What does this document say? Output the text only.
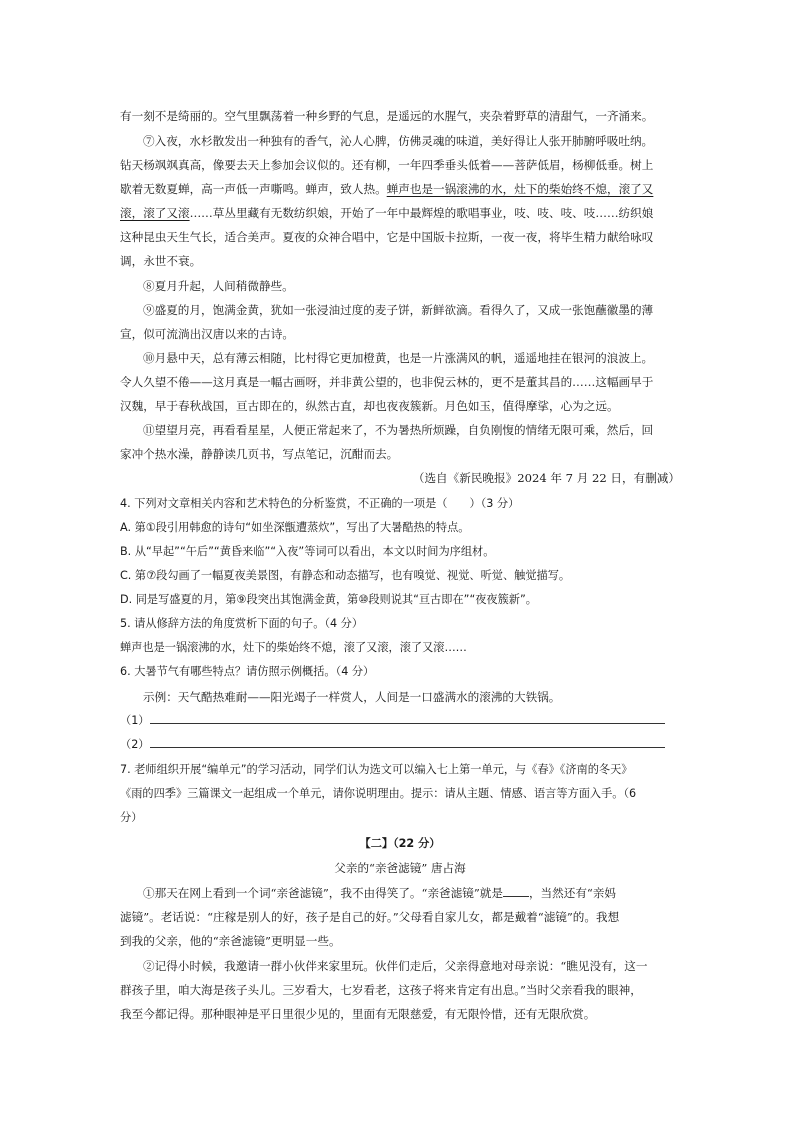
有一刻不是绮丽的。空气里飘荡着一种乡野的气息，是遥远的水腥气，夹杂着野草的清甜气，一齐涌来。
⑦入夜，水杉散发出一种独有的香气，沁人心脾，仿佛灵魂的味道，美好得让人张开肺腑呼吸吐纳。
钻天杨飒飒真高，像要去天上参加会议似的。还有柳，一年四季垂头低着——菩萨低眉，杨柳低垂。树上
歇着无数夏蝉，高一声低一声嘶鸣。蝉声，致人热。蝉声也是一锅滚沸的水，灶下的柴始终不熄，滚了又
滚，滚了又滚……草丛里藏有无数纺织娘，开始了一年中最辉煌的歌唱事业，吱、吱、吱、吱……纺织娘
这种昆虫天生气长，适合美声。夏夜的众神合唱中，它是中国版卡拉斯，一夜一夜，将毕生精力献给咏叹
调，永世不衰。
⑧夏月升起，人间稍微静些。
⑨盛夏的月，饱满金黄，犹如一张浸油过度的麦子饼，新鲜欲滴。看得久了，又成一张饱蘸徽墨的薄
宣，似可流淌出汉唐以来的古诗。
⑩月悬中天，总有薄云相随，比村得它更加橙黄，也是一片涨满风的帆，遥遥地挂在银河的浪波上。
令人久望不倦——这月真是一幅古画呀，并非黄公望的，也非倪云林的，更不是董其昌的……这幅画早于
汉魏，早于春秋战国，亘古即在的，纵然古直，却也夜夜簇新。月色如玉，值得摩挲，心为之远。
⑪望望月亮，再看看星星，人便正常起来了，不为暑热所烦躁，自负刚愎的情绪无限可乘，然后，回
家冲个热水澡，静静读几页书，写点笔记，沉酣而去。
（选自《新民晚报》2024 年 7 月 22 日，有删减）
4. 下列对文章相关内容和艺术特色的分析鉴赏，不正确的一项是（ ）（3 分）
A. 第①段引用韩愈的诗句“如坐深甑遭蒸炊”，写出了大暑酷热的特点。
B. 从“早起”“午后”“黄昏来临”“入夜”等词可以看出，本文以时间为序组材。
C. 第⑦段勾画了一幅夏夜美景图，有静态和动态描写，也有嗅觉、视觉、听觉、触觉描写。
D. 同是写盛夏的月，第⑨段突出其饱满金黄，第⑩段则说其“亘古即在”“夜夜簇新”。
5. 请从修辞方法的角度赏析下面的句子。（4 分）
蝉声也是一锅滚沸的水，灶下的柴始终不熄，滚了又滚，滚了又滚……
6. 大暑节气有哪些特点？请仿照示例概括。（4 分）
示例：天气酷热难耐——阳光竭子一样赏人，人间是一口盛满水的滚沸的大铁锅。
（1）
（2）
7. 老师组织开展“编单元”的学习活动，同学们认为选文可以编入七上第一单元，与《春》《济南的冬天》
《雨的四季》三篇课文一起组成一个单元，请你说明理由。提示：请从主题、情感、语言等方面入手。（6
分）
【二】（22 分）
父亲的“亲爸滤镜” 唐占海
①那天在网上看到一个词“亲爸滤镜”，我不由得笑了。“亲爸滤镜”就是 ，当然还有“亲妈
滤镜”。老话说：“庄稼是别人的好，孩子是自己的好。”父母看自家儿女，都是戴着“滤镜”的。我想
到我的父亲，他的“亲爸滤镜”更明显一些。
②记得小时候，我邀请一群小伙伴来家里玩。伙伴们走后，父亲得意地对母亲说：“瞧见没有，这一
群孩子里，咱大海是孩子头儿。三岁看大，七岁看老，这孩子将来肯定有出息。”当时父亲看我的眼神，
我至今都记得。那种眼神是平日里很少见的，里面有无限慈爱，有无限怜惜，还有无限欣赏。
